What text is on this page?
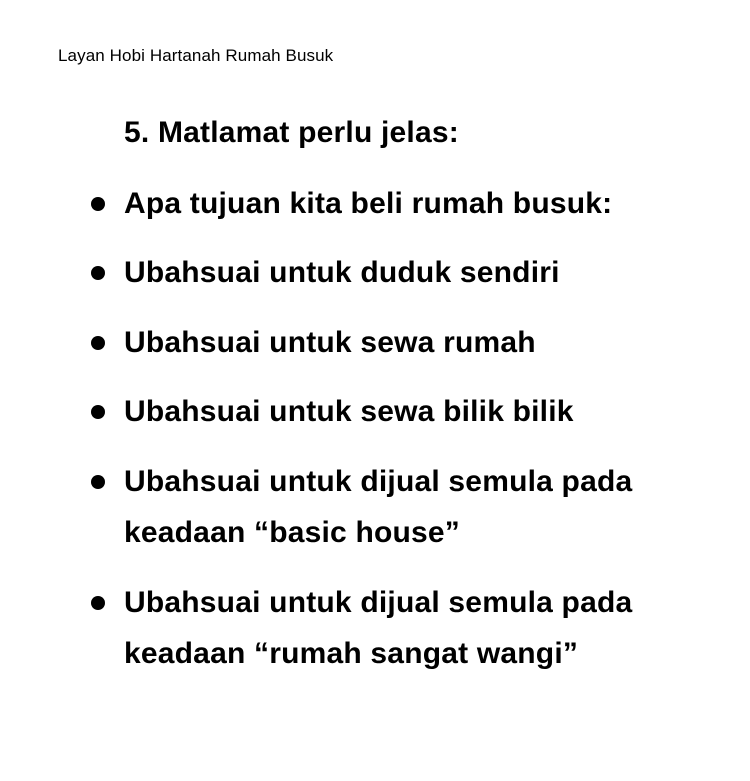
Layan Hobi Hartanah Rumah Busuk
5. Matlamat perlu jelas:
Apa tujuan kita beli rumah busuk:
Ubahsuai untuk duduk sendiri
Ubahsuai untuk sewa rumah
Ubahsuai untuk sewa bilik bilik
Ubahsuai untuk dijual semula pada
keadaan “basic house”
Ubahsuai untuk dijual semula pada
keadaan “rumah sangat wangi”
